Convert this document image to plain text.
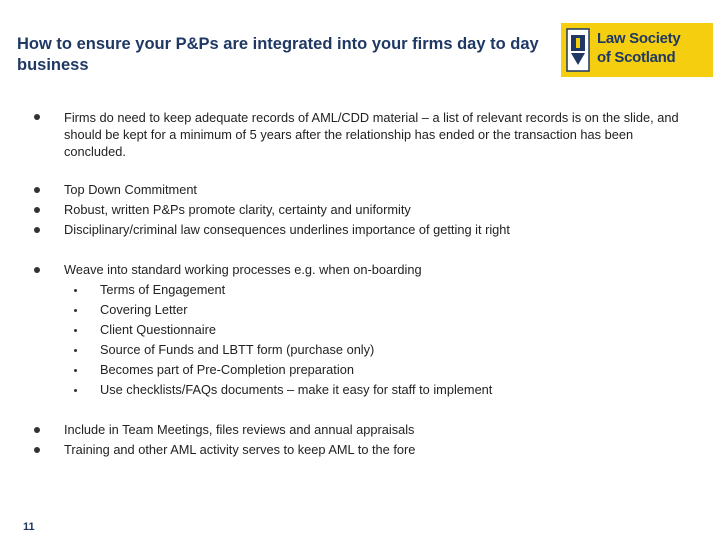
How to ensure your P&Ps are integrated into your firms day to day business
Law Society
of Scotland
Firms do need to keep adequate records of AML/CDD material – a list of relevant records is on the slide, and should be kept for a minimum of 5 years after the relationship has ended or the transaction has been concluded.
Top Down Commitment
Robust, written P&Ps promote clarity, certainty and uniformity
Disciplinary/criminal law consequences underlines importance of getting it right
Weave into standard working processes e.g. when on-boarding
Terms of Engagement
Covering Letter
Client Questionnaire
Source of Funds and LBTT form (purchase only)
Becomes part of Pre-Completion preparation
Use checklists/FAQs documents – make it easy for staff to implement
Include in Team Meetings, files reviews and annual appraisals
Training and other AML activity serves to keep AML to the fore
11
